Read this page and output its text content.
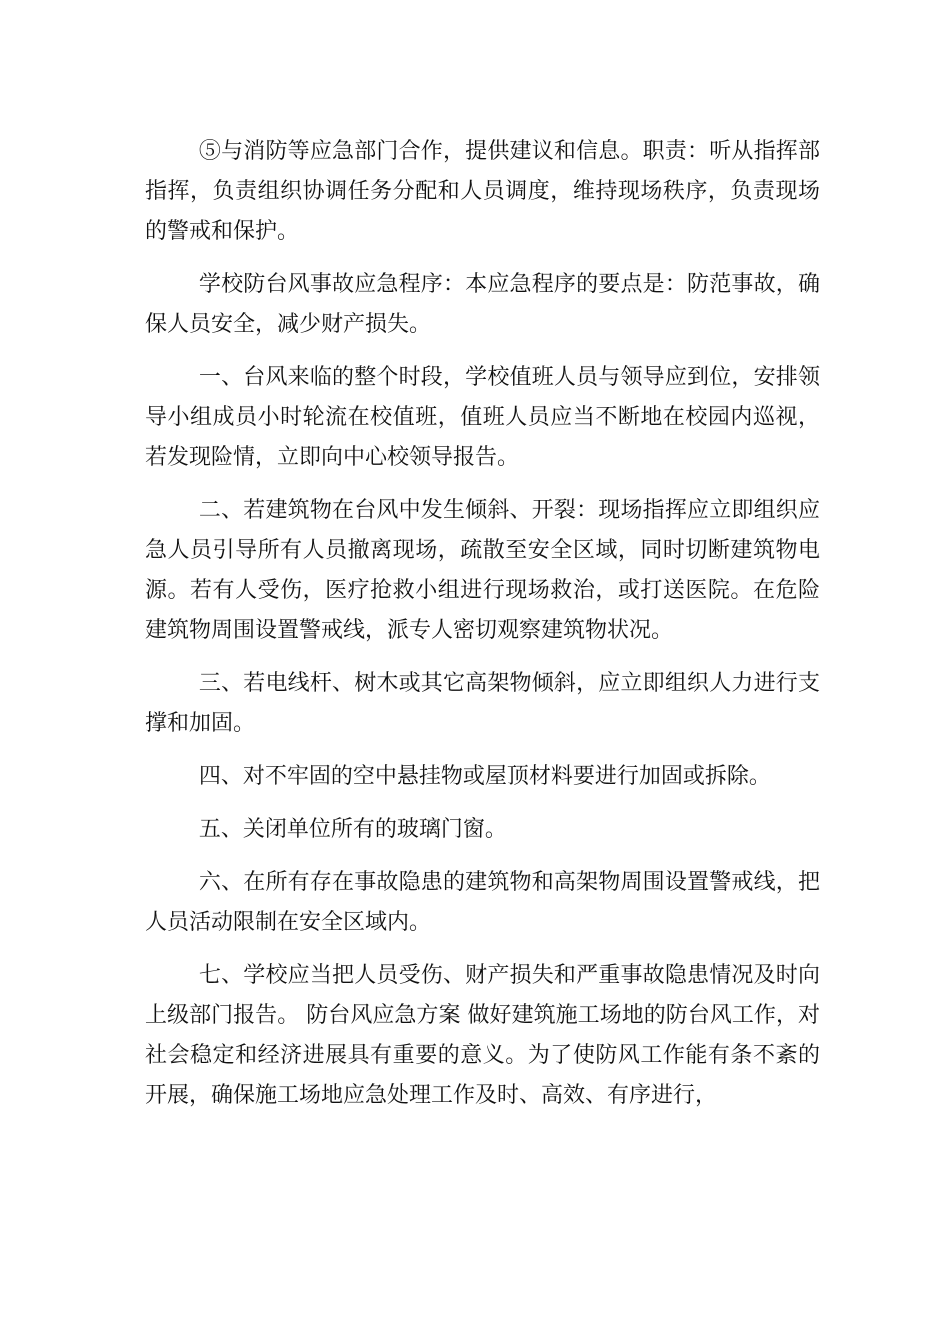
⑤与消防等应急部门合作，提供建议和信息。职责：听从指挥部指挥，负责组织协调任务分配和人员调度，维持现场秩序，负责现场的警戒和保护。

学校防台风事故应急程序：本应急程序的要点是：防范事故，确保人员安全，减少财产损失。

一、台风来临的整个时段，学校值班人员与领导应到位，安排领导小组成员小时轮流在校值班，值班人员应当不断地在校园内巡视，若发现险情，立即向中心校领导报告。

二、若建筑物在台风中发生倾斜、开裂：现场指挥应立即组织应急人员引导所有人员撤离现场，疏散至安全区域，同时切断建筑物电源。若有人受伤，医疗抢救小组进行现场救治，或打送医院。在危险建筑物周围设置警戒线，派专人密切观察建筑物状况。

三、若电线杆、树木或其它高架物倾斜，应立即组织人力进行支撑和加固。

四、对不牢固的空中悬挂物或屋顶材料要进行加固或拆除。

五、关闭单位所有的玻璃门窗。

六、在所有存在事故隐患的建筑物和高架物周围设置警戒线，把人员活动限制在安全区域内。

七、学校应当把人员受伤、财产损失和严重事故隐患情况及时向上级部门报告。 防台风应急方案 做好建筑施工场地的防台风工作，对社会稳定和经济进展具有重要的意义。为了使防风工作能有条不紊的开展，确保施工场地应急处理工作及时、高效、有序进行，
